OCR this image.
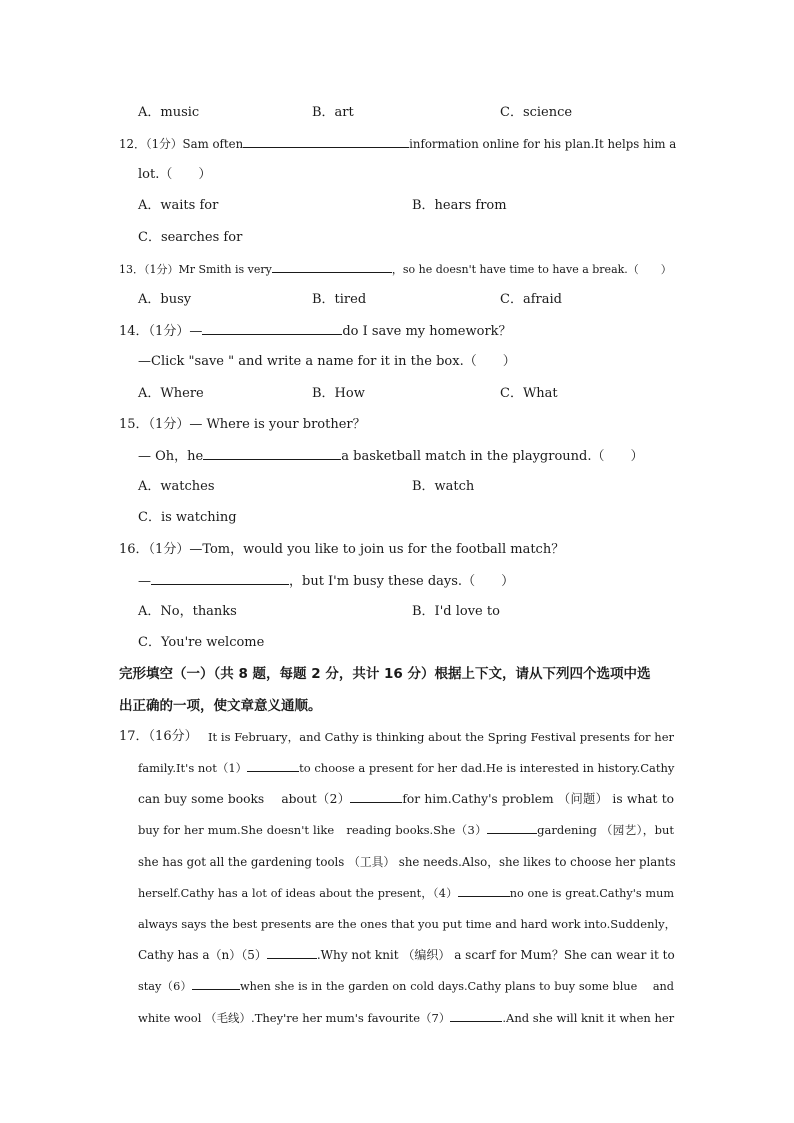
A．music	B．art	C．science
12．（1分）Sam often	information online for his plan.It helps him a
lot.（　　）
A．waits for	B．hears from
C．searches for
13．（1分）Mr Smith is very	，so he doesn't have time to have a break.（　　）
A．busy	B．tired	C．afraid
14．（1分）—	do I save my homework？
—Click "save " and write a name for it in the box.（　　）
A．Where	B．How	C．What
15．（1分）— Where is your brother？
— Oh，he	a basketball match in the playground.（　　）
A．watches	B．watch
C．is watching
16．（1分）—Tom，would you like to join us for the football match？
—	，but I'm busy these days.（　　）
A．No，thanks	B．I'd love to
C．You're welcome
完形填空（一）（共 8 题，每题 2 分，共计 16 分）根据上下文，请从下列四个选项中选
出正确的一项，使文章意义通顺。
17．（16分） It is February，and Cathy is thinking about the Spring Festival presents for her
family.It's not（1）	to choose a present for her dad.He is interested in history.Cathy
can buy some books　 about（2）	for him.Cathy's problem （问题） is what to
buy for her mum.She doesn't like　reading books.She（3）	gardening （园艺），but
she has got all the gardening tools （工具） she needs.Also，she likes to choose her plants
herself.Cathy has a lot of ideas about the present，（4）	no one is great.Cathy's mum
always says the best presents are the ones that you put time and hard work into.Suddenly，
Cathy has a（n）（5）	.Why not knit （编织） a scarf for Mum？She can wear it to
stay（6）	when she is in the garden on cold days.Cathy plans to buy some blue　 and
white wool （毛线）.They're her mum's favourite（7）	.And she will knit it when her
